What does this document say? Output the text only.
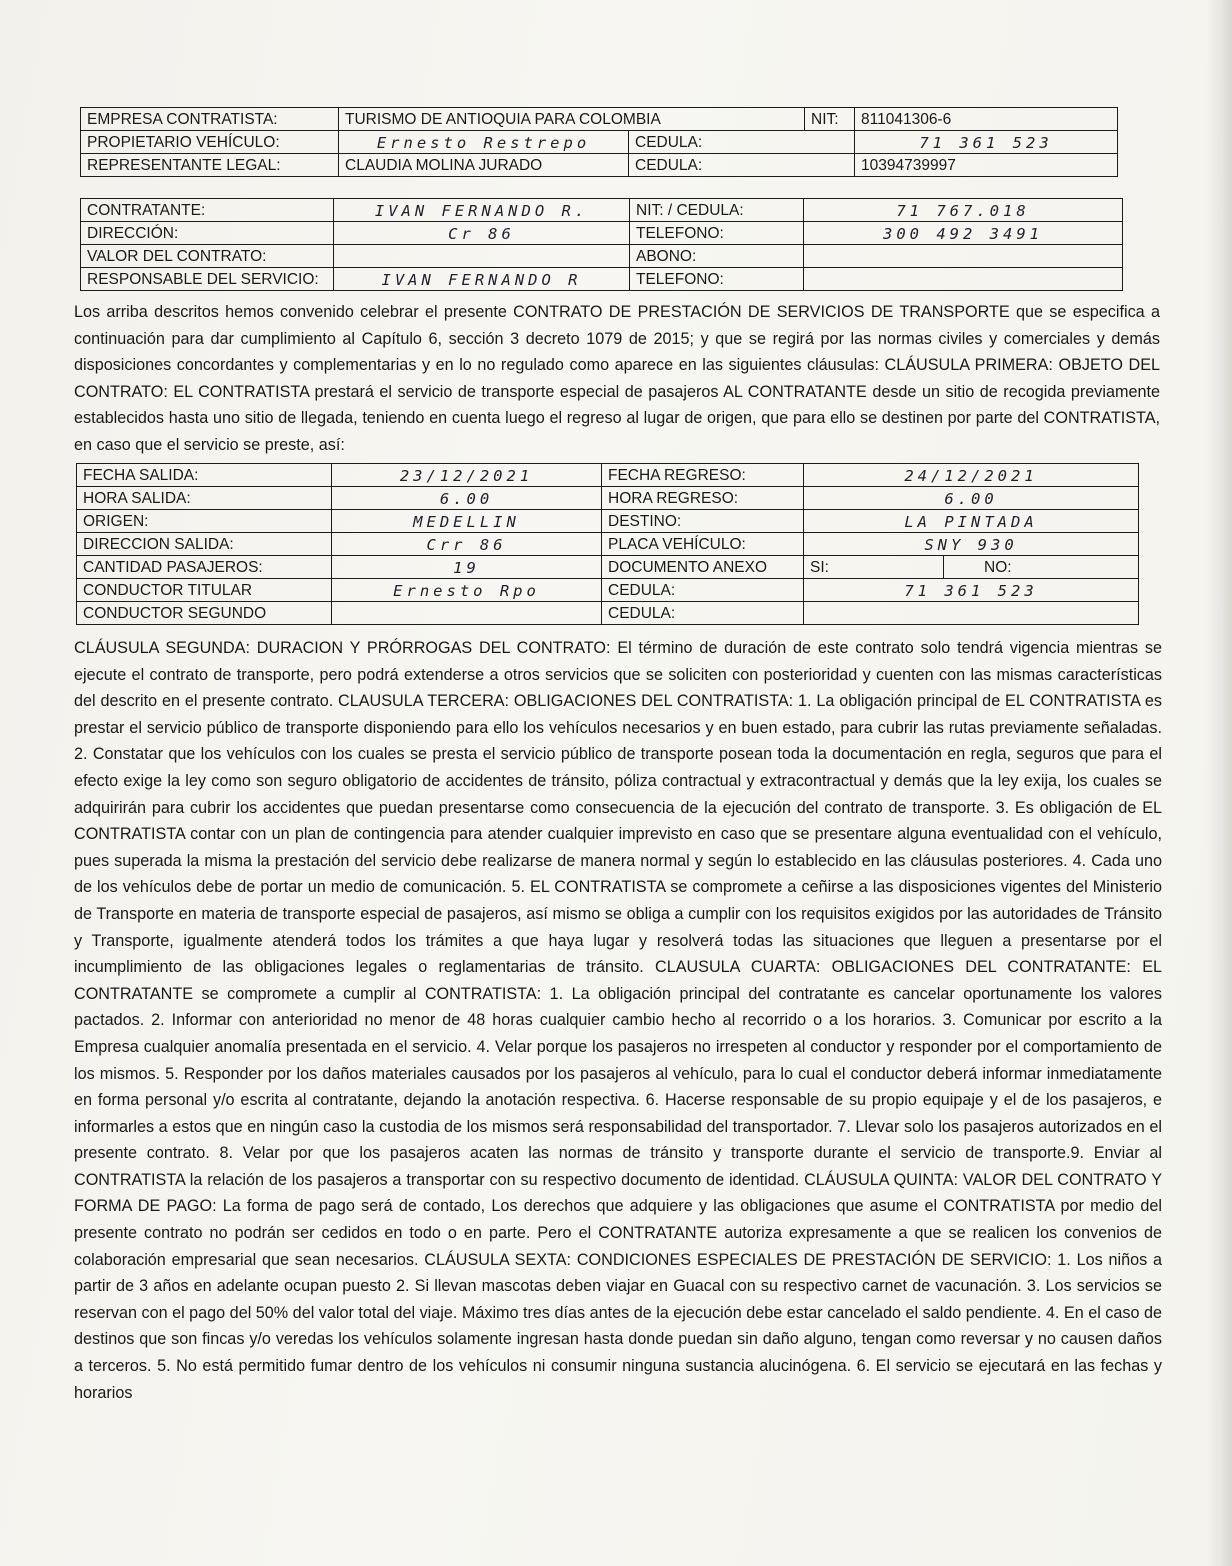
EMPRESA CONTRATISTA:	TURISMO DE ANTIOQUIA PARA COLOMBIA		NIT:	811041306-6
PROPIETARIO VEHÍCULO:	Ernesto Restrepo	CEDULA:		71 361 523
REPRESENTANTE LEGAL:	CLAUDIA MOLINA JURADO	CEDULA:		10394739997
CONTRATANTE:	IVAN FERNANDO R.	NIT: / CEDULA:	71 767.018
DIRECCIÓN:	Cr 86	TELEFONO:	300 492 3491
VALOR DEL CONTRATO:		ABONO:	
RESPONSABLE DEL SERVICIO:	IVAN FERNANDO R	TELEFONO:	

Los arriba descritos hemos convenido celebrar el presente CONTRATO DE PRESTACIÓN DE SERVICIOS DE TRANSPORTE que se especifica a continuación para dar cumplimiento al Capítulo 6, sección 3 decreto 1079 de 2015; y que se regirá por las normas civiles y comerciales y demás disposiciones concordantes y complementarias y en lo no regulado como aparece en las siguientes cláusulas: CLÁUSULA PRIMERA: OBJETO DEL CONTRATO: EL CONTRATISTA prestará el servicio de transporte especial de pasajeros AL CONTRATANTE desde un sitio de recogida previamente establecidos hasta uno sitio de llegada, teniendo en cuenta luego el regreso al lugar de origen, que para ello se destinen por parte del CONTRATISTA, en caso que el servicio se preste, así:

FECHA SALIDA:	23/12/2021	FECHA REGRESO:	24/12/2021	
HORA SALIDA:	6.00	HORA REGRESO:	6.00	
ORIGEN:	MEDELLIN	DESTINO:	LA PINTADA	
DIRECCION SALIDA:	Crr 86	PLACA VEHÍCULO:	SNY 930	
CANTIDAD PASAJEROS:	19	DOCUMENTO ANEXO	SI:	NO:
CONDUCTOR TITULAR	Ernesto Rpo	CEDULA:	71 361 523	
CONDUCTOR SEGUNDO		CEDULA:		

CLÁUSULA SEGUNDA: DURACION Y PRÓRROGAS DEL CONTRATO: El término de duración de este contrato solo tendrá vigencia mientras se ejecute el contrato de transporte, pero podrá extenderse a otros servicios que se soliciten con posterioridad y cuenten con las mismas características del descrito en el presente contrato. CLAUSULA TERCERA: OBLIGACIONES DEL CONTRATISTA: 1. La obligación principal de EL CONTRATISTA es prestar el servicio público de transporte disponiendo para ello los vehículos necesarios y en buen estado, para cubrir las rutas previamente señaladas. 2. Constatar que los vehículos con los cuales se presta el servicio público de transporte posean toda la documentación en regla, seguros que para el efecto exige la ley como son seguro obligatorio de accidentes de tránsito, póliza contractual y extracontractual y demás que la ley exija, los cuales se adquirirán para cubrir los accidentes que puedan presentarse como consecuencia de la ejecución del contrato de transporte. 3. Es obligación de EL CONTRATISTA contar con un plan de contingencia para atender cualquier imprevisto en caso que se presentare alguna eventualidad con el vehículo, pues superada la misma la prestación del servicio debe realizarse de manera normal y según lo establecido en las cláusulas posteriores. 4. Cada uno de los vehículos debe de portar un medio de comunicación. 5. EL CONTRATISTA se compromete a ceñirse a las disposiciones vigentes del Ministerio de Transporte en materia de transporte especial de pasajeros, así mismo se obliga a cumplir con los requisitos exigidos por las autoridades de Tránsito y Transporte, igualmente atenderá todos los trámites a que haya lugar y resolverá todas las situaciones que lleguen a presentarse por el incumplimiento de las obligaciones legales o reglamentarias de tránsito. CLAUSULA CUARTA: OBLIGACIONES DEL CONTRATANTE: EL CONTRATANTE se compromete a cumplir al CONTRATISTA: 1. La obligación principal del contratante es cancelar oportunamente los valores pactados. 2. Informar con anterioridad no menor de 48 horas cualquier cambio hecho al recorrido o a los horarios. 3. Comunicar por escrito a la Empresa cualquier anomalía presentada en el servicio. 4. Velar porque los pasajeros no irrespeten al conductor y responder por el comportamiento de los mismos. 5. Responder por los daños materiales causados por los pasajeros al vehículo, para lo cual el conductor deberá informar inmediatamente en forma personal y/o escrita al contratante, dejando la anotación respectiva. 6. Hacerse responsable de su propio equipaje y el de los pasajeros, e informarles a estos que en ningún caso la custodia de los mismos será responsabilidad del transportador. 7. Llevar solo los pasajeros autorizados en el presente contrato. 8. Velar por que los pasajeros acaten las normas de tránsito y transporte durante el servicio de transporte.9. Enviar al CONTRATISTA la relación de los pasajeros a transportar con su respectivo documento de identidad. CLÁUSULA QUINTA: VALOR DEL CONTRATO Y FORMA DE PAGO: La forma de pago será de contado, Los derechos que adquiere y las obligaciones que asume el CONTRATISTA por medio del presente contrato no podrán ser cedidos en todo o en parte. Pero el CONTRATANTE autoriza expresamente a que se realicen los convenios de colaboración empresarial que sean necesarios. CLÁUSULA SEXTA: CONDICIONES ESPECIALES DE PRESTACIÓN DE SERVICIO: 1. Los niños a partir de 3 años en adelante ocupan puesto 2. Si llevan mascotas deben viajar en Guacal con su respectivo carnet de vacunación. 3. Los servicios se reservan con el pago del 50% del valor total del viaje. Máximo tres días antes de la ejecución debe estar cancelado el saldo pendiente. 4. En el caso de destinos que son fincas y/o veredas los vehículos solamente ingresan hasta donde puedan sin daño alguno, tengan como reversar y no causen daños a terceros. 5. No está permitido fumar dentro de los vehículos ni consumir ninguna sustancia alucinógena. 6. El servicio se ejecutará en las fechas y horarios
